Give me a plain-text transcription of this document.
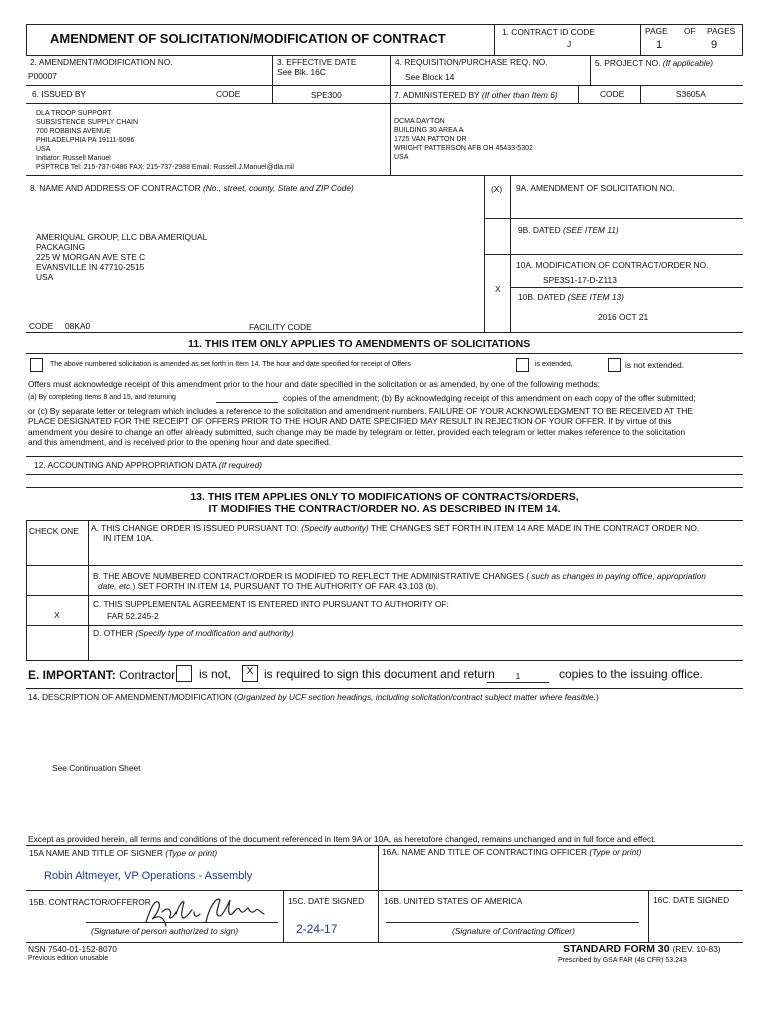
AMENDMENT OF SOLICITATION/MODIFICATION OF CONTRACT	1. CONTRACT ID CODE
J
PAGE OF PAGES
1	9
2. AMENDMENT/MODIFICATION NO.
P00007
3. EFFECTIVE DATE
See Blk. 16C
4. REQUISITION/PURCHASE REQ. NO.
See Block 14
5. PROJECT NO. (If applicable)
6. ISSUED BY	CODE	SPE300	7. ADMINISTERED BY (If other than Item 6)	CODE	S3605A
DLA TROOP SUPPORT
SUBSISTENCE SUPPLY CHAIN
700 ROBBINS AVENUE
PHILADELPHIA PA 19111-5096
USA
Initiator: Russell Manuel
PSPTRCB Tel: 215-737-0486 FAX: 215-737-2988 Email: Russell.J.Manuel@dla.mil
DCMA DAYTON
BUILDING 30 AREA A
1725 VAN PATTON DR
WRIGHT PATTERSON AFB OH 45433-5302
USA
8. NAME AND ADDRESS OF CONTRACTOR (No., street, county, State and ZIP Code)	(X)
AMERIQUAL GROUP, LLC DBA AMERIQUAL
PACKAGING
225 W MORGAN AVE STE C
EVANSVILLE IN 47710-2515
USA
CODE 08KA0	FACILITY CODE
9A. AMENDMENT OF SOLICITATION NO.
9B. DATED (SEE ITEM 11)
10A. MODIFICATION OF CONTRACT/ORDER NO.
SPE3S1-17-D-Z113
X
10B. DATED (SEE ITEM 13)
2016 OCT 21
11. THIS ITEM ONLY APPLIES TO AMENDMENTS OF SOLICITATIONS
The above numbered solicitation is amended as set forth in Item 14. The hour and date specified for receipt of Offers	is extended,	is not extended.
Offers must acknowledge receipt of this amendment prior to the hour and date specified in the solicitation or as amended, by one of the following methods:
(a) By completing Items 8 and 15, and returning	copies of the amendment; (b) By acknowledging receipt of this amendment on each copy of the offer submitted;
or (c) By separate letter or telegram which includes a reference to the solicitation and amendment numbers. FAILURE OF YOUR ACKNOWLEDGMENT TO BE RECEIVED AT THE
PLACE DESIGNATED FOR THE RECEIPT OF OFFERS PRIOR TO THE HOUR AND DATE SPECIFIED MAY RESULT IN REJECTION OF YOUR OFFER. If by virtue of this
amendment you desire to change an offer already submitted, such change may be made by telegram or letter, provided each telegram or letter makes reference to the solicitation
and this amendment, and is received prior to the opening hour and date specified.
12. ACCOUNTING AND APPROPRIATION DATA (If required)
13. THIS ITEM APPLIES ONLY TO MODIFICATIONS OF CONTRACTS/ORDERS,
IT MODIFIES THE CONTRACT/ORDER NO. AS DESCRIBED IN ITEM 14.
CHECK ONE A. THIS CHANGE ORDER IS ISSUED PURSUANT TO: (Specify authority) THE CHANGES SET FORTH IN ITEM 14 ARE MADE IN THE CONTRACT ORDER NO.
IN ITEM 10A.
B. THE ABOVE NUMBERED CONTRACT/ORDER IS MODIFIED TO REFLECT THE ADMINISTRATIVE CHANGES ( such as changes in paying office, appropriation
date, etc.) SET FORTH IN ITEM 14, PURSUANT TO THE AUTHORITY OF FAR 43.103 (b).
X
C. THIS SUPPLEMENTAL AGREEMENT IS ENTERED INTO PURSUANT TO AUTHORITY OF:
FAR 52.245-2
D. OTHER (Specify type of modification and authority)
E. IMPORTANT: Contractor is not,	X is required to sign this document and return	1	copies to the issuing office.
14. DESCRIPTION OF AMENDMENT/MODIFICATION (Organized by UCF section headings, including solicitation/contract subject matter where feasible.)
See Continuation Sheet
Except as provided herein, all terms and conditions of the document referenced in Item 9A or 10A, as heretofore changed, remains unchanged and in full force and effect.
15A NAME AND TITLE OF SIGNER (Type or print)
Robin Altmeyer, VP Operations - Assembly
16A. NAME AND TITLE OF CONTRACTING OFFICER (Type or print)
15B. CONTRACTOR/OFFEROR
(Signature of person authorized to sign)
15C. DATE SIGNED
2-24-17
16B. UNITED STATES OF AMERICA
(Signature of Contracting Officer)
16C. DATE SIGNED
NSN 7540-01-152-8070
Previous edition unusable
STANDARD FORM 30 (REV. 10-83)
Prescribed by GSA FAR (48 CFR) 53.243
